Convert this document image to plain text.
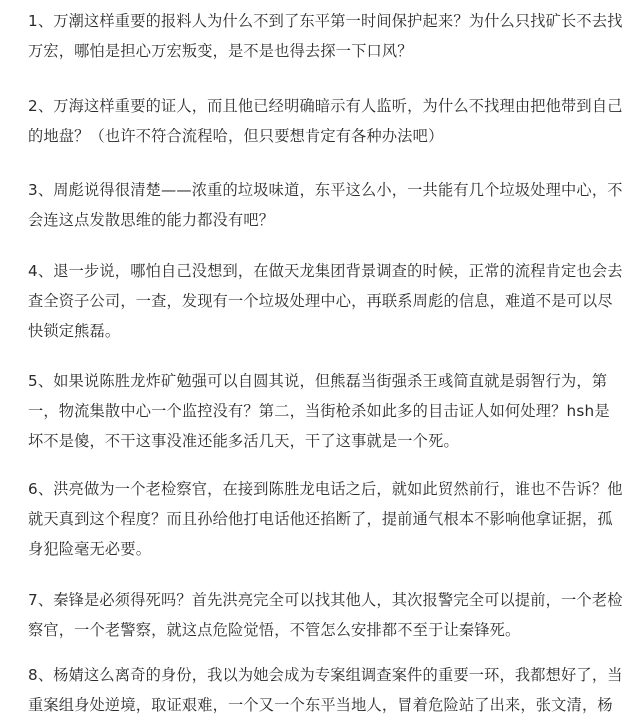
1、万潮这样重要的报料人为什么不到了东平第一时间保护起来？为什么只找矿长不去找万宏，哪怕是担心万宏叛变，是不是也得去探一下口风？

2、万海这样重要的证人，而且他已经明确暗示有人监听，为什么不找理由把他带到自己的地盘？（也许不符合流程哈，但只要想肯定有各种办法吧）

3、周彪说得很清楚——浓重的垃圾味道，东平这么小，一共能有几个垃圾处理中心，不会连这点发散思维的能力都没有吧？

4、退一步说，哪怕自己没想到，在做天龙集团背景调查的时候，正常的流程肯定也会去查全资子公司，一查，发现有一个垃圾处理中心，再联系周彪的信息，难道不是可以尽快锁定熊磊。

5、如果说陈胜龙炸矿勉强可以自圆其说，但熊磊当街强杀王彧简直就是弱智行为，第一，物流集散中心一个监控没有？第二，当街枪杀如此多的目击证人如何处理？hsh是坏不是傻，不干这事没准还能多活几天，干了这事就是一个死。

6、洪亮做为一个老检察官，在接到陈胜龙电话之后，就如此贸然前行，谁也不告诉？他就天真到这个程度？而且孙给他打电话他还掐断了，提前通气根本不影响他拿证据，孤身犯险毫无必要。

7、秦锋是必须得死吗？首先洪亮完全可以找其他人，其次报警完全可以提前，一个老检察官，一个老警察，就这点危险觉悟，不管怎么安排都不至于让秦锋死。

8、杨婧这么离奇的身份，我以为她会成为专案组调查案件的重要一环，我都想好了，当重案组身处逆境，取证艰难，一个又一个东平当地人，冒着危险站了出来，张文清，杨
